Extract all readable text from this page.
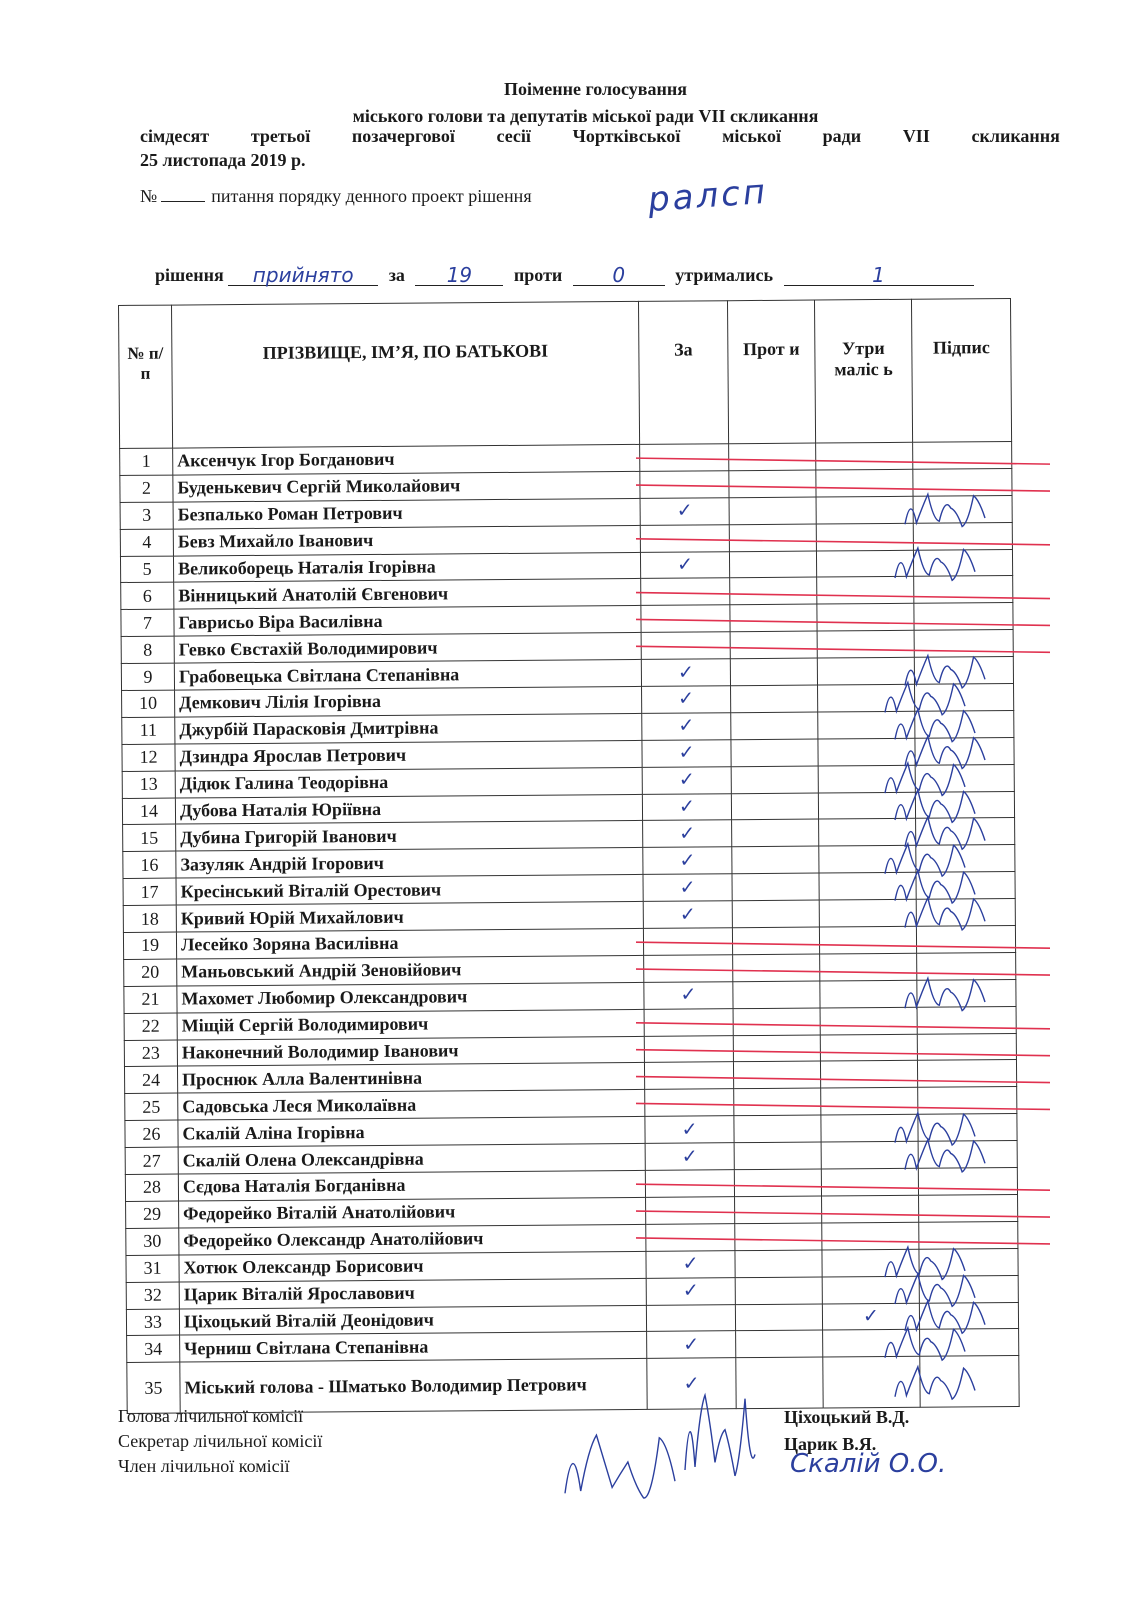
Поіменне голосування
міського голови та депутатів міської ради VII скликання
сімдесят третьої позачергової сесії Чортківської міської ради VII скликання
25 листопада 2019 р.
№	питання порядку денного проект рішення	ралсп
рішення прийнято за 19 проти	0	утримались	1
№ п/п	ПРІЗВИЩЕ, ІМ’Я, ПО БАТЬКОВІ	За	Прот и	Утри маліс ь	Підпис
1	Аксенчук Ігор Богданович				
2	Буденькевич Сергій Миколайович				
3	Безпалько Роман Петрович	✓			
4	Бевз Михайло Іванович				
5	Великоборець Наталія Ігорівна	✓			
6	Вінницький Анатолій Євгенович				
7	Гаврисьо Віра Василівна				
8	Гевко Євстахій Володимирович				
9	Грабовецька Світлана Степанівна	✓			
10	Демкович Лілія Ігорівна	✓			
11	Джурбій Парасковія Дмитрівна	✓			
12	Дзиндра Ярослав Петрович	✓			
13	Дідюк Галина Теодорівна	✓			
14	Дубова Наталія Юріївна	✓			
15	Дубина Григорій Іванович	✓			
16	Зазуляк Андрій Ігорович	✓			
17	Кресінський Віталій Орестович	✓			
18	Кривий Юрій Михайлович	✓			
19	Лесейко Зоряна Василівна				
20	Маньовський Андрій Зеновійович				
21	Махомет Любомир Олександрович	✓			
22	Міщій Сергій Володимирович				
23	Наконечний Володимир Іванович				
24	Проснюк Алла Валентинівна				
25	Садовська Леся Миколаївна				
26	Скалій Аліна Ігорівна	✓			
27	Скалій Олена Олександрівна	✓			
28	Сєдова Наталія Богданівна				
29	Федорейко Віталій Анатолійович				
30	Федорейко Олександр Анатолійович				
31	Хотюк Олександр Борисович	✓			
32	Царик Віталій Ярославович	✓			
33	Ціхоцький Віталій Деонідович			✓	
34	Черниш Світлана Степанівна	✓			
35	Міський голова - Шматько Володимир Петрович	✓			
Голова лічильної комісії
Секретар лічильної комісії
Член лічильної комісії
Ціхоцький В.Д.
Царик В.Я.
Скалій О.О.
